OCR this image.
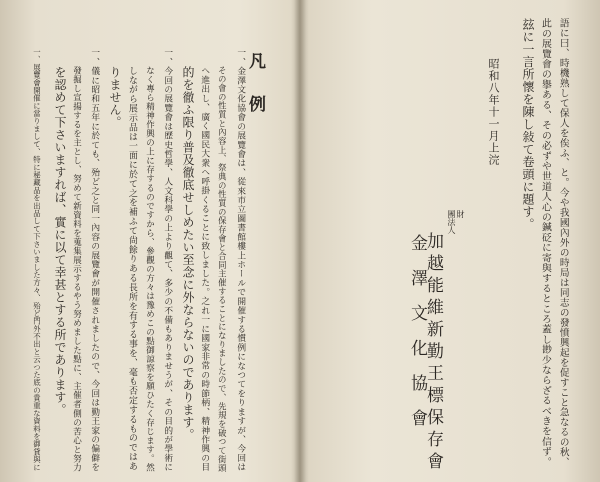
凡例
一、金澤文化協會の展覽會は、從來市立圖書館樓上ホールで開催する慣例になつてをりますが、今回は
その會の性質と內容上、祭典の性質の保存會と合同主催することになりましたので、先規を破つて街頭
へ進出し、廣く國民大衆へ呼掛くることに致しました。之れ一に國家非常の時節柄、精神作興の目
的を徹ふ限り普及徹底せしめたい至念に外ならないのであります。
一、今回の展覽會は歷史哲學、人文科學の上より觀て、多少の不備もありませうが、その目的が學術に
なく專ら精神作興の上に存するのですから、參觀の方々は豫めこの點御諒察を願ひたく存じます。然
しながら展示品は一面に於て之を補ふて尙餘りある長所を有する事を、毫も否定するものではあ
りません。
一、儀に昭和五年に於ても、殆ど之と同一內容の展覽會が開催されましたので、今回は勤王家の偏僻を
發掘し宣揚するを主とし、努めて新資料を蒐集展示するやう努めました點に、主催者側の苦心と努力
を認めて下さいますれば、實に以て幸甚とする所であります。
一、展覽會開催に當りまして、特に秘藏品を出品して下さいました方々、殆ど門外不出と云つた底の貴重な資料を御貸與に	語に曰、時機熟して保人を俟ふ、と。今や我國內外の時局は同志の發憤興起を促すこと急なるの秋、
此の展覽會の擧ある、その必ずや世道人心の鍼砭に寄與するところ蓋し尠少ならざるべきを信ず。
玆に一言所懷を陳し敍て卷頭に題す。
昭和八年十一月上浣
財
團法人
加越能維新勤王標保存會
金澤文化協會
